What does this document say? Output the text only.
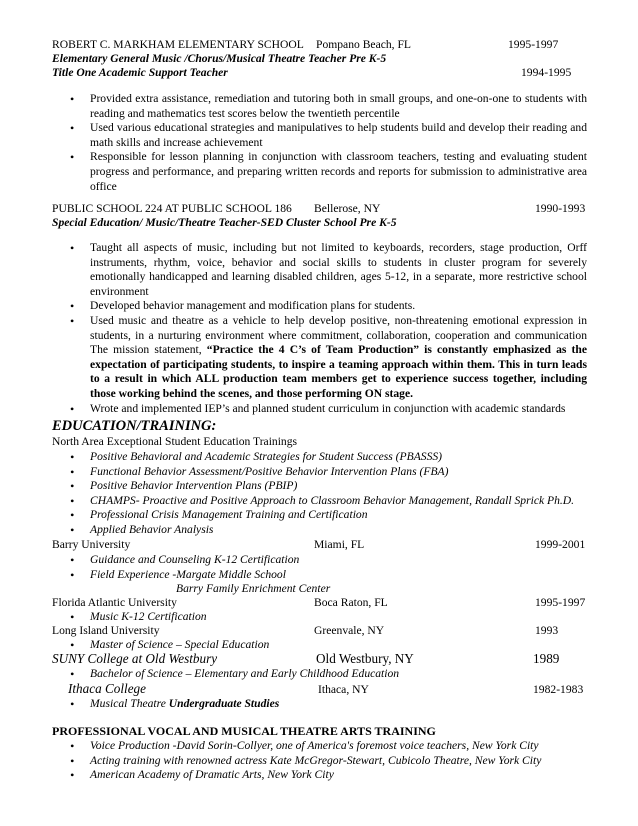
ROBERT C. MARKHAM ELEMENTARY SCHOOL Pompano Beach, FL	1995-1997
Elementary General Music /Chorus/Musical Theatre Teacher Pre K-5
Title One Academic Support Teacher	1994-1995
• Provided extra assistance, remediation and tutoring both in small groups, and one-on-one to students with reading and mathematics test scores below the twentieth percentile
• Used various educational strategies and manipulatives to help students build and develop their reading and math skills and increase achievement
• Responsible for lesson planning in conjunction with classroom teachers, testing and evaluating student progress and performance, and preparing written records and reports for submission to administrative area office
PUBLIC SCHOOL 224 AT PUBLIC SCHOOL 186 Bellerose, NY	1990-1993
Special Education/ Music/Theatre Teacher-SED Cluster School Pre K-5
• Taught all aspects of music, including but not limited to keyboards, recorders, stage production, Orff instruments, rhythm, voice, behavior and social skills to students in cluster program for severely emotionally handicapped and learning disabled children, ages 5-12, in a separate, more restrictive school environment
• Developed behavior management and modification plans for students.
• Used music and theatre as a vehicle to help develop positive, non-threatening emotional expression in students, in a nurturing environment where commitment, collaboration, cooperation and communication The mission statement, “Practice the 4 C’s of Team Production” is constantly emphasized as the expectation of participating students, to inspire a teaming approach within them. This in turn leads to a result in which ALL production team members get to experience success together, including those working behind the scenes, and those performing ON stage.
• Wrote and implemented IEP’s and planned student curriculum in conjunction with academic standards
EDUCATION/TRAINING:
North Area Exceptional Student Education Trainings
• Positive Behavioral and Academic Strategies for Student Success (PBASSS)
• Functional Behavior Assessment/Positive Behavior Intervention Plans (FBA)
• Positive Behavior Intervention Plans (PBIP)
• CHAMPS- Proactive and Positive Approach to Classroom Behavior Management, Randall Sprick Ph.D.
• Professional Crisis Management Training and Certification
• Applied Behavior Analysis
Barry University	Miami, FL	1999-2001
• Guidance and Counseling K-12 Certification
• Field Experience -Margate Middle School
Barry Family Enrichment Center
Florida Atlantic University	Boca Raton, FL	1995-1997
• Music K-12 Certification
Long Island University	Greenvale, NY	1993
• Master of Science – Special Education
SUNY College at Old Westbury	Old Westbury, NY	1989
• Bachelor of Science – Elementary and Early Childhood Education
Ithaca College	Ithaca, NY	1982-1983
• Musical Theatre Undergraduate Studies
PROFESSIONAL VOCAL AND MUSICAL THEATRE ARTS TRAINING
• Voice Production -David Sorin-Collyer, one of America's foremost voice teachers, New York City
• Acting training with renowned actress Kate McGregor-Stewart, Cubicolo Theatre, New York City
• American Academy of Dramatic Arts, New York City
